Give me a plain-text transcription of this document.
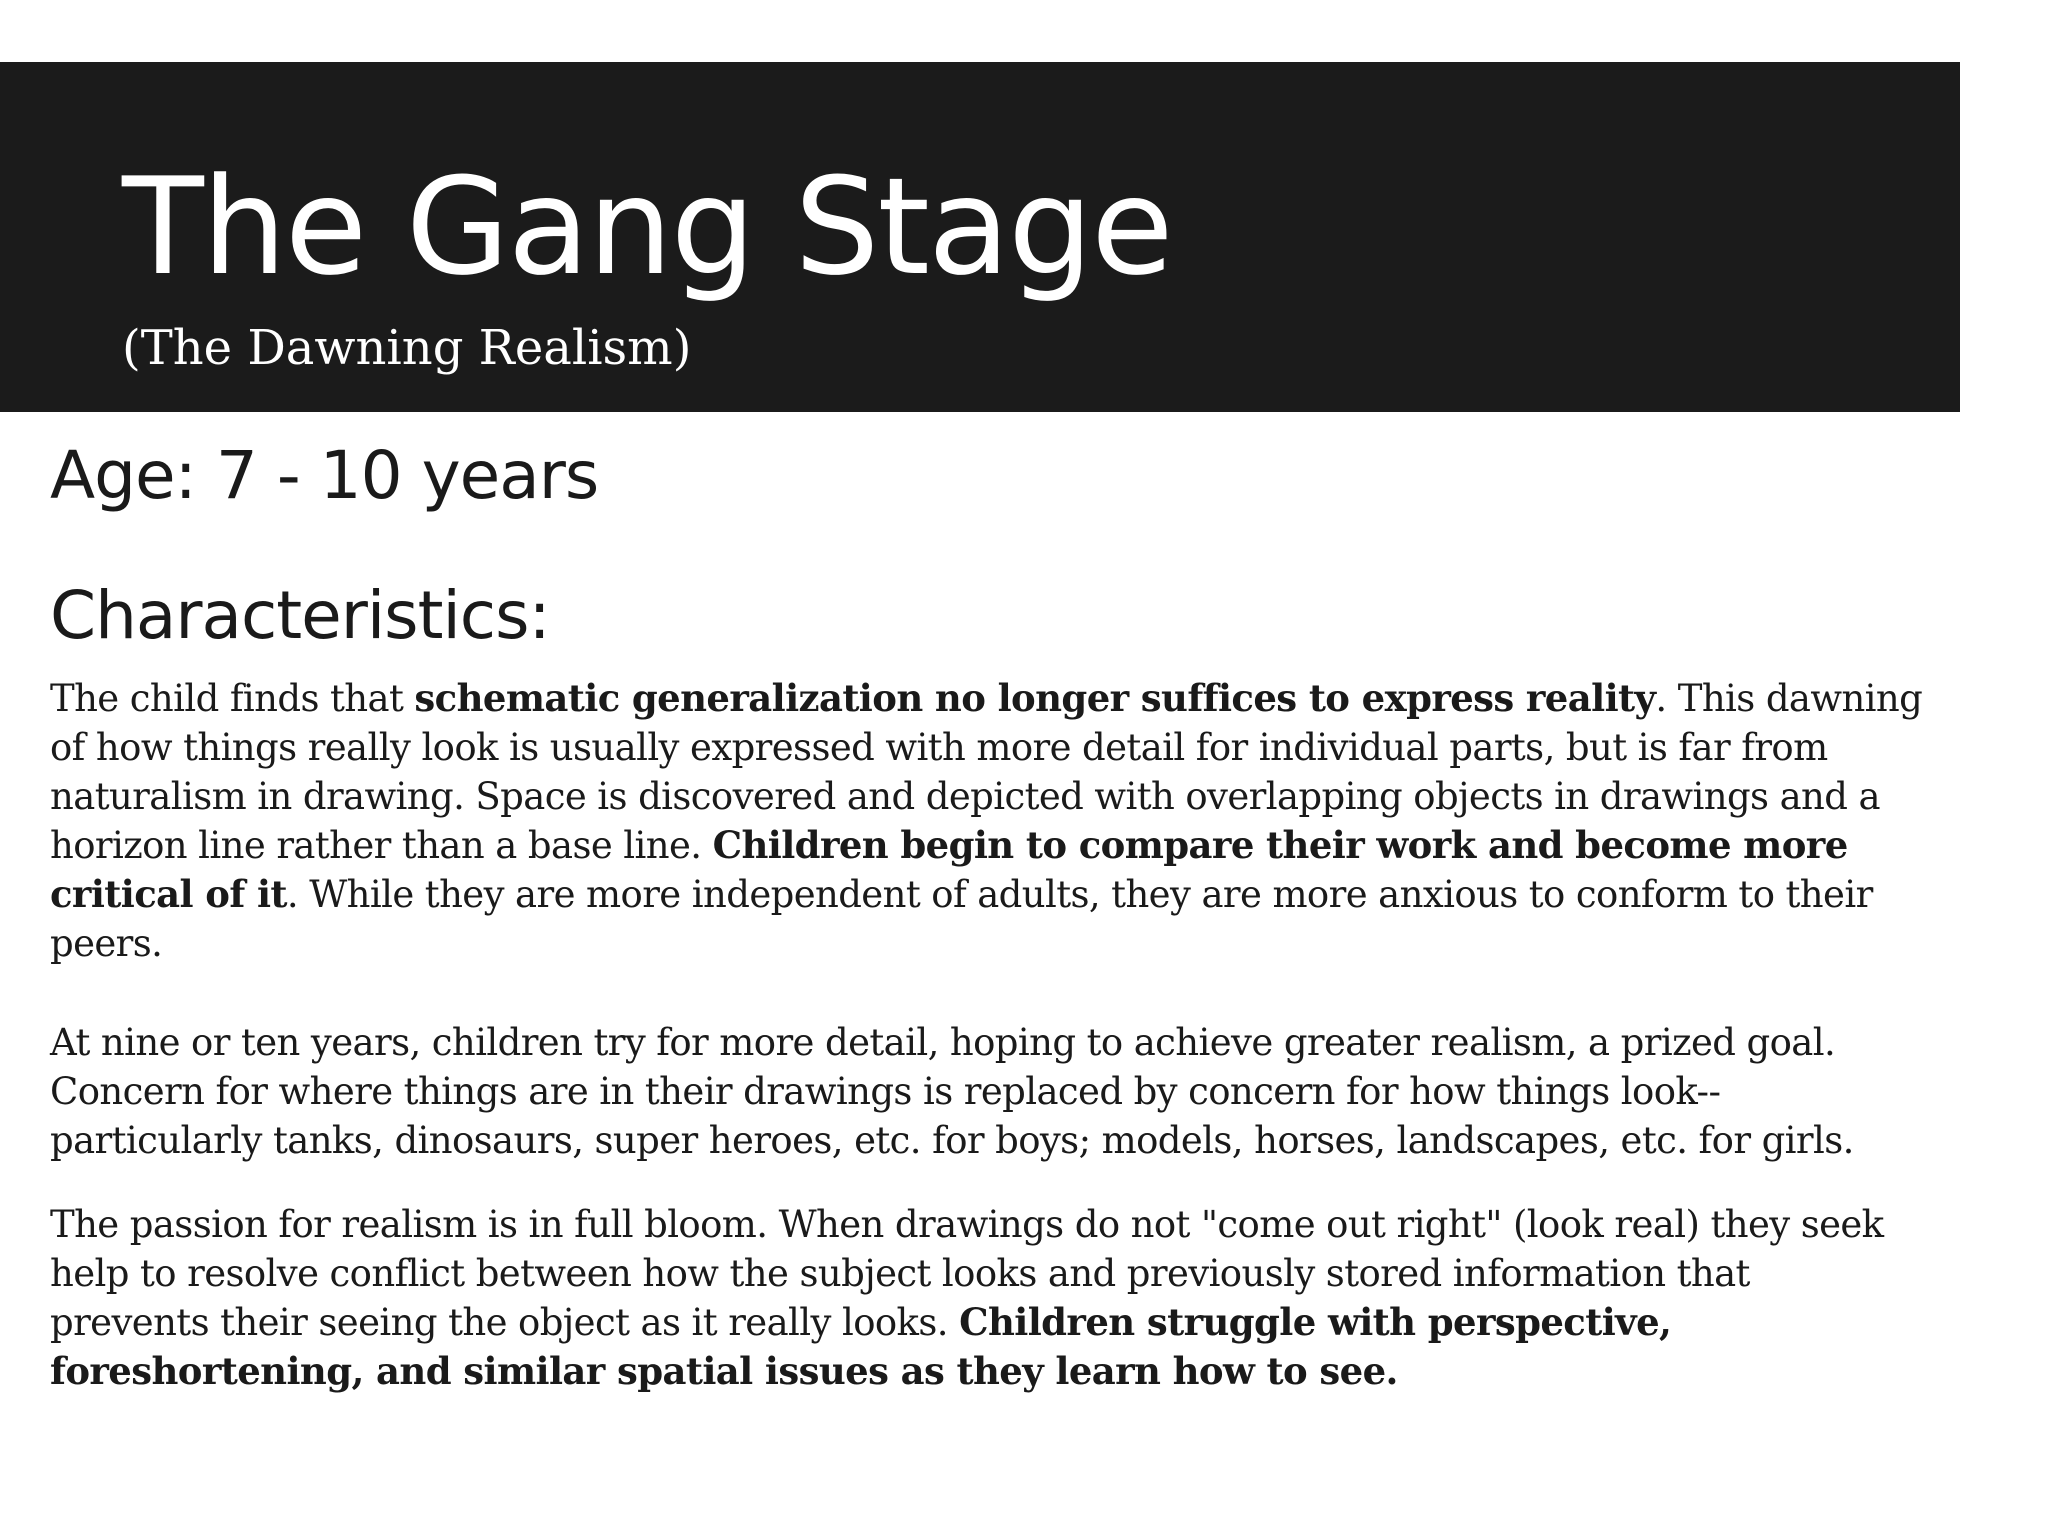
The Gang Stage
(The Dawning Realism)
Age: 7 - 10 years
Characteristics:
The child finds that schematic generalization no longer suffices to express reality. This dawning
of how things really look is usually expressed with more detail for individual parts, but is far from
naturalism in drawing. Space is discovered and depicted with overlapping objects in drawings and a
horizon line rather than a base line. Children begin to compare their work and become more
critical of it. While they are more independent of adults, they are more anxious to conform to their
peers.
At nine or ten years, children try for more detail, hoping to achieve greater realism, a prized goal.
Concern for where things are in their drawings is replaced by concern for how things look--
particularly tanks, dinosaurs, super heroes, etc. for boys; models, horses, landscapes, etc. for girls.
The passion for realism is in full bloom. When drawings do not "come out right" (look real) they seek
help to resolve conflict between how the subject looks and previously stored information that
prevents their seeing the object as it really looks. Children struggle with perspective,
foreshortening, and similar spatial issues as they learn how to see.
